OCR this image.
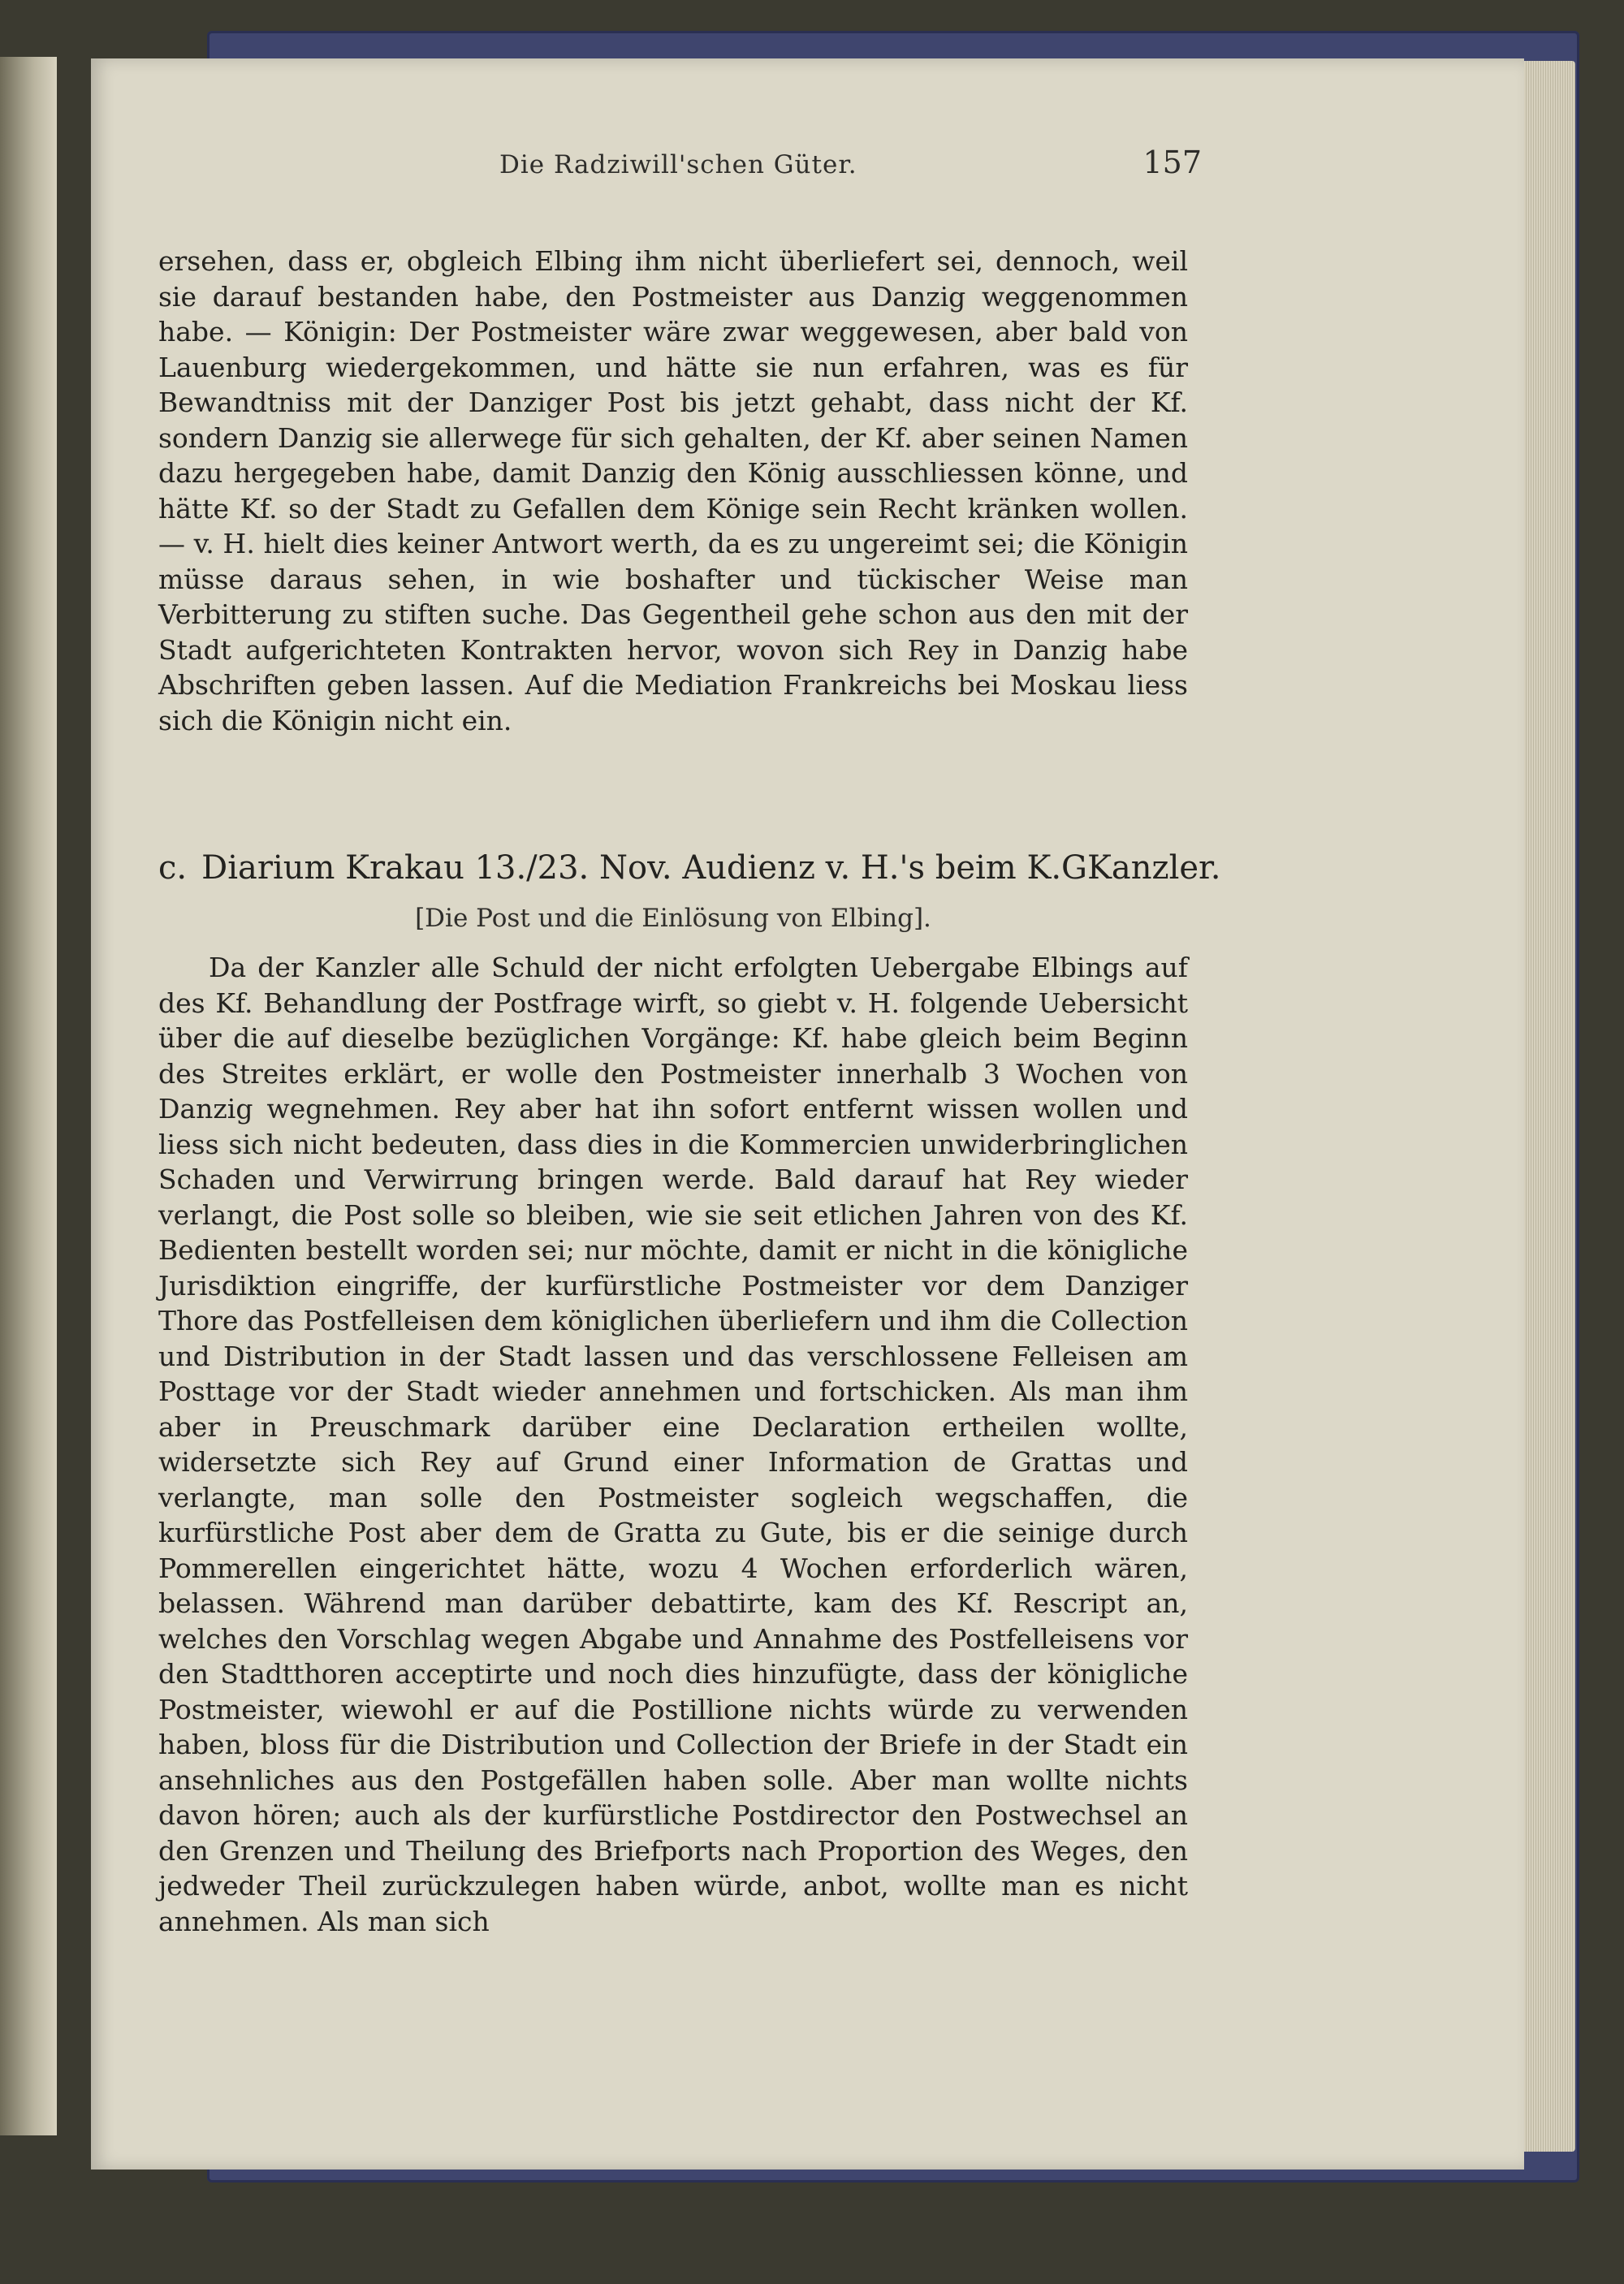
Die Radziwill'schen Güter.	157

ersehen, dass er, obgleich Elbing ihm nicht überliefert sei, dennoch, weil sie darauf bestanden habe, den Postmeister aus Danzig weggenommen habe. — Königin: Der Postmeister wäre zwar weggewesen, aber bald von Lauenburg wiedergekommen, und hätte sie nun erfahren, was es für Bewandtniss mit der Danziger Post bis jetzt gehabt, dass nicht der Kf. sondern Danzig sie allerwege für sich gehalten, der Kf. aber seinen Namen dazu hergegeben habe, damit Danzig den König ausschliessen könne, und hätte Kf. so der Stadt zu Gefallen dem Könige sein Recht kränken wollen. — v. H. hielt dies keiner Antwort werth, da es zu ungereimt sei; die Königin müsse daraus sehen, in wie boshafter und tückischer Weise man Verbitterung zu stiften suche. Das Gegentheil gehe schon aus den mit der Stadt aufgerichteten Kontrakten hervor, wovon sich Rey in Danzig habe Abschriften geben lassen. Auf die Mediation Frankreichs bei Moskau liess sich die Königin nicht ein.

c. Diarium Krakau 13./23. Nov. Audienz v. H.'s beim K.GKanzler.
[Die Post und die Einlösung von Elbing].

Da der Kanzler alle Schuld der nicht erfolgten Uebergabe Elbings auf des Kf. Behandlung der Postfrage wirft, so giebt v. H. folgende Uebersicht über die auf dieselbe bezüglichen Vorgänge: Kf. habe gleich beim Beginn des Streites erklärt, er wolle den Postmeister innerhalb 3 Wochen von Danzig wegnehmen. Rey aber hat ihn sofort entfernt wissen wollen und liess sich nicht bedeuten, dass dies in die Kommercien unwiderbringlichen Schaden und Verwirrung bringen werde. Bald darauf hat Rey wieder verlangt, die Post solle so bleiben, wie sie seit etlichen Jahren von des Kf. Bedienten bestellt worden sei; nur möchte, damit er nicht in die königliche Jurisdiktion eingriffe, der kurfürstliche Postmeister vor dem Danziger Thore das Postfelleisen dem königlichen überliefern und ihm die Collection und Distribution in der Stadt lassen und das verschlossene Felleisen am Posttage vor der Stadt wieder annehmen und fortschicken. Als man ihm aber in Preuschmark darüber eine Declaration ertheilen wollte, widersetzte sich Rey auf Grund einer Information de Grattas und verlangte, man solle den Postmeister sogleich wegschaffen, die kurfürstliche Post aber dem de Gratta zu Gute, bis er die seinige durch Pommerellen eingerichtet hätte, wozu 4 Wochen erforderlich wären, belassen. Während man darüber debattirte, kam des Kf. Rescript an, welches den Vorschlag wegen Abgabe und Annahme des Postfelleisens vor den Stadtthoren acceptirte und noch dies hinzufügte, dass der königliche Postmeister, wiewohl er auf die Postillione nichts würde zu verwenden haben, bloss für die Distribution und Collection der Briefe in der Stadt ein ansehnliches aus den Postgefällen haben solle. Aber man wollte nichts davon hören; auch als der kurfürstliche Postdirector den Postwechsel an den Grenzen und Theilung des Briefports nach Proportion des Weges, den jedweder Theil zurückzulegen haben würde, anbot, wollte man es nicht annehmen. Als man sich
